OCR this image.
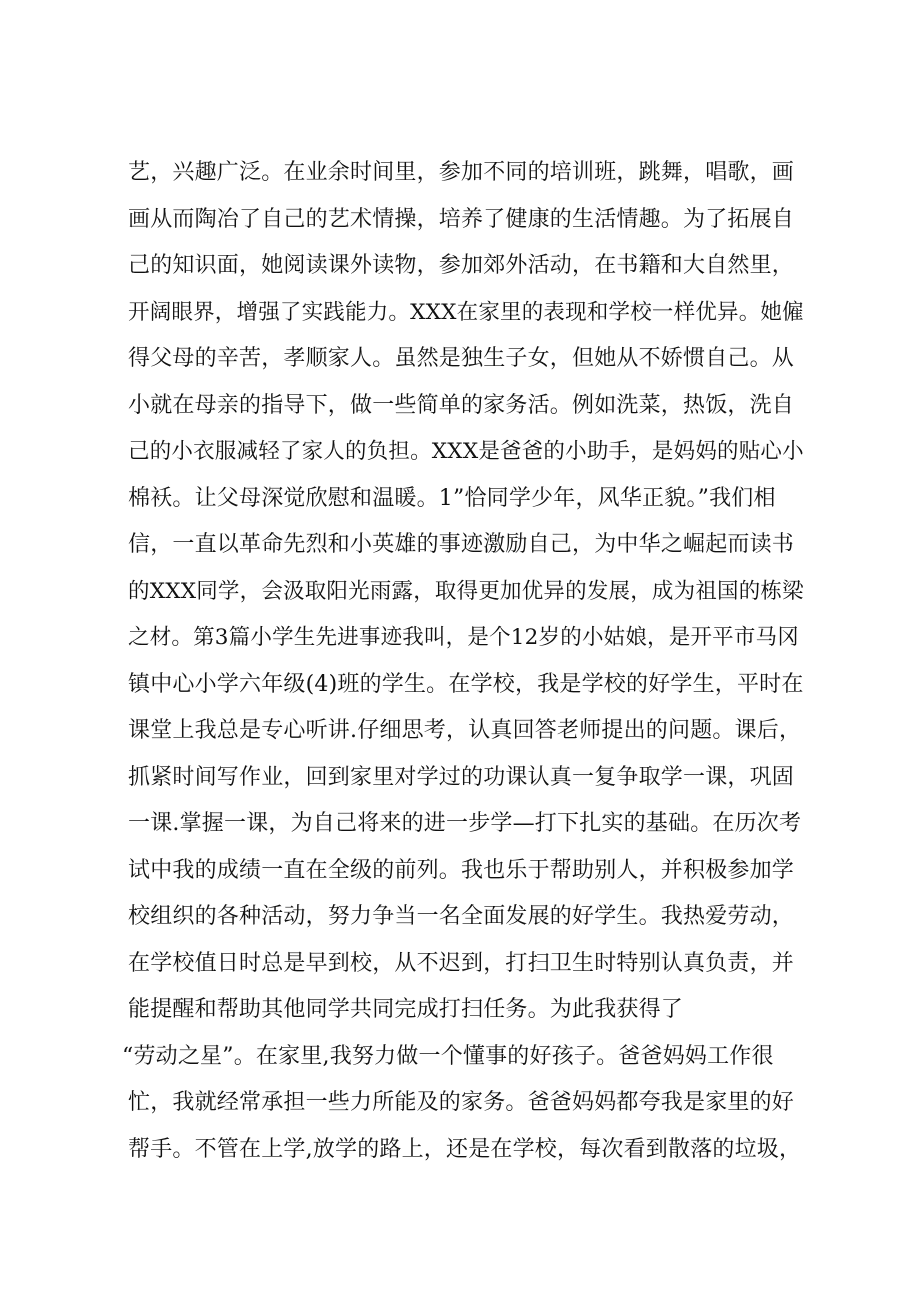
艺，兴趣广泛。在业余时间里，参加不同的培训班，跳舞，唱歌，画
画从而陶冶了自己的艺术情操，培养了健康的生活情趣。为了拓展自
己的知识面，她阅读课外读物，参加郊外活动，在书籍和大自然里，
开阔眼界，增强了实践能力。XXX在家里的表现和学校一样优异。她僱
得父母的辛苦，孝顺家人。虽然是独生子女，但她从不娇惯自己。从
小就在母亲的指导下，做一些简单的家务活。例如洗菜，热饭，洗自
己的小衣服减轻了家人的负担。XXX是爸爸的小助手，是妈妈的贴心小
棉袄。让父母深觉欣慰和温暖。1”恰同学少年，风华正貌。”我们相
信，一直以革命先烈和小英雄的事迹激励自己，为中华之崛起而读书
的XXX同学，会汲取阳光雨露，取得更加优异的发展，成为祖国的栋梁
之材。第3篇小学生先进事迹我叫，是个12岁的小姑娘，是开平市马冈
镇中心小学六年级(4)班的学生。在学校，我是学校的好学生，平时在
课堂上我总是专心听讲.仔细思考，认真回答老师提出的问题。课后，
抓紧时间写作业，回到家里对学过的功课认真一复争取学一课，巩固
一课.掌握一课，为自己将来的进一步学—打下扎实的基础。在历次考
试中我的成绩一直在全级的前列。我也乐于帮助别人，并积极参加学
校组织的各种活动，努力争当一名全面发展的好学生。我热爱劳动，
在学校值日时总是早到校，从不迟到，打扫卫生时特别认真负责，并
能提醒和帮助其他同学共同完成打扫任务。为此我获得了
“劳动之星”。在家里,我努力做一个懂事的好孩子。爸爸妈妈工作很
忙，我就经常承担一些力所能及的家务。爸爸妈妈都夸我是家里的好
帮手。不管在上学,放学的路上，还是在学校，每次看到散落的垃圾，
